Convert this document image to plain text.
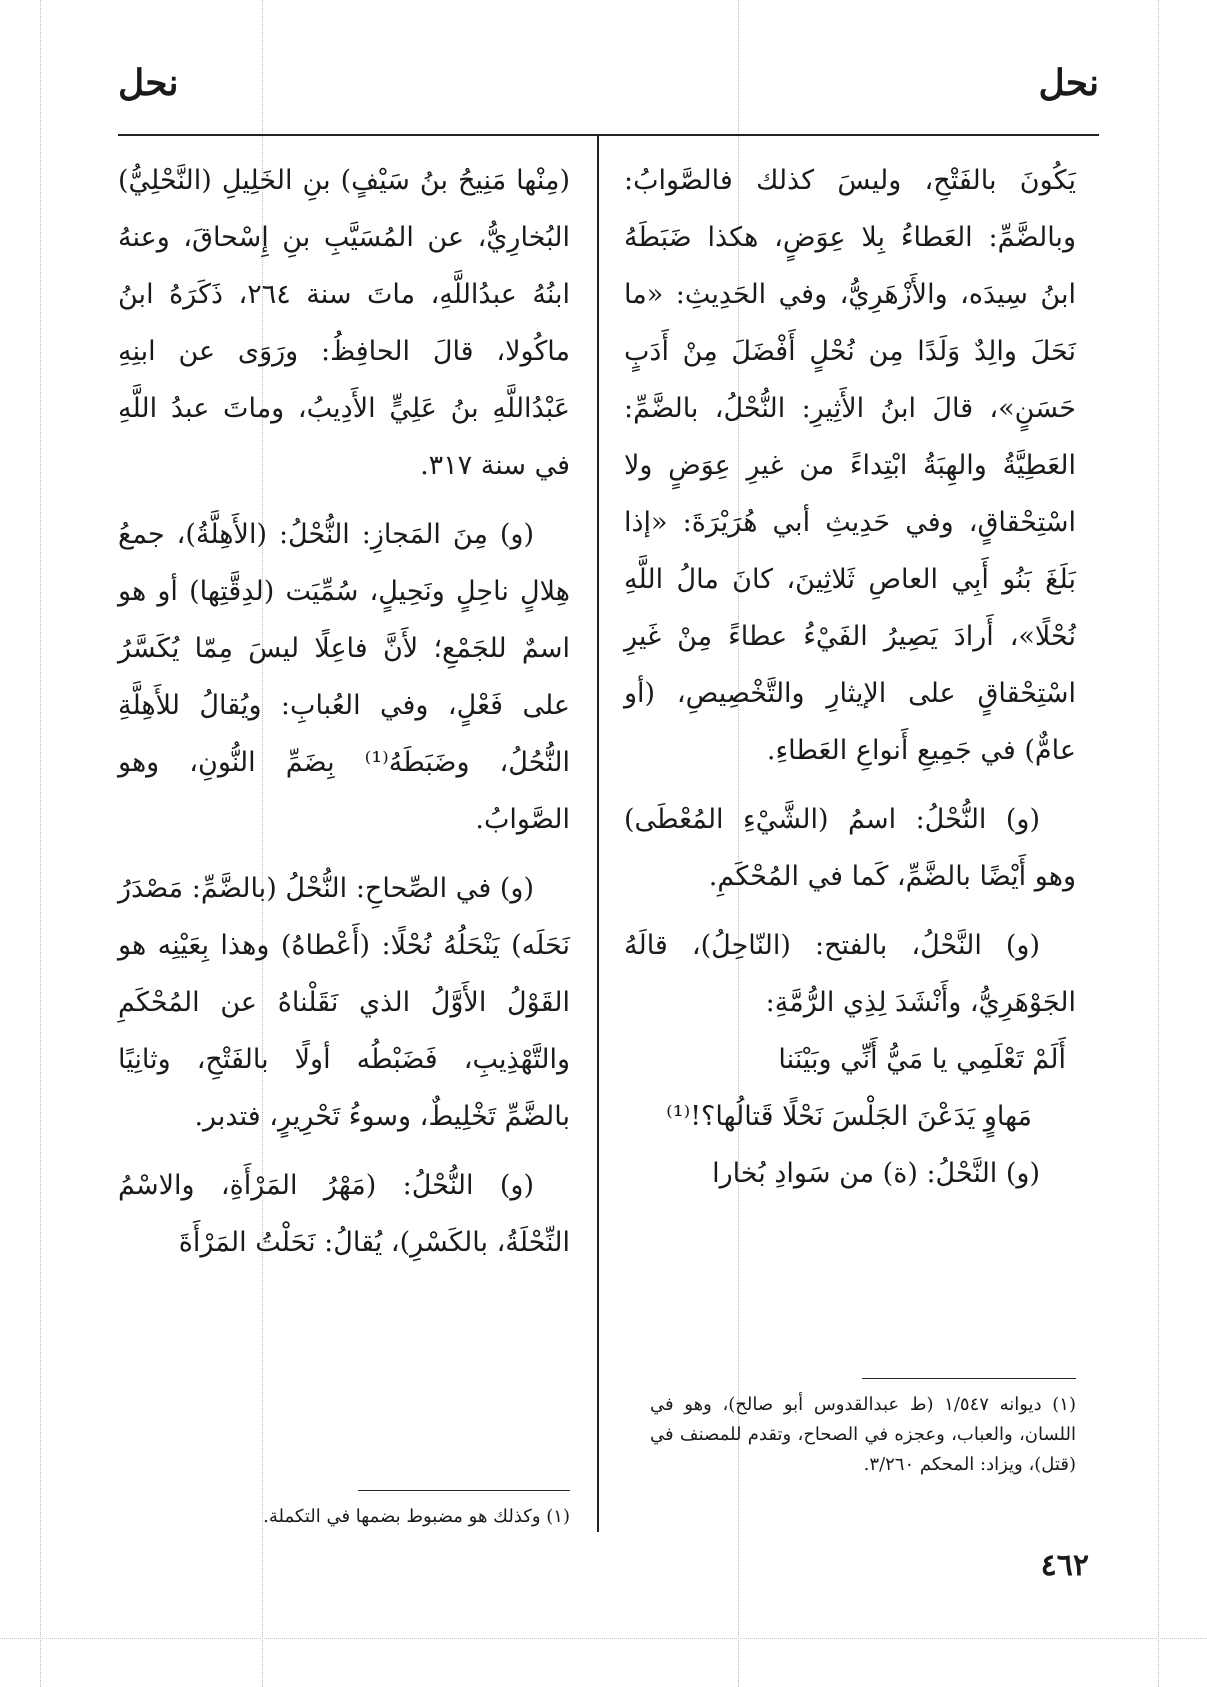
نحل
نحل

يَكُونَ بالفَتْحِ، وليسَ كذلك فالصَّوابُ: وبالضَّمِّ: العَطاءُ بِلا عِوَضٍ، هكذا ضَبَطَهُ ابنُ سِيدَه، والأَزْهَرِيُّ، وفي الحَدِيثِ: «ما نَحَلَ والِدٌ وَلَدًا مِن نُحْلٍ أَفْضَلَ مِنْ أَدَبٍ حَسَنٍ»، قالَ ابنُ الأَثِيرِ: النُّحْلُ، بالضَّمِّ: العَطِيَّةُ والهِبَةُ ابْتِداءً من غيرِ عِوَضٍ ولا اسْتِحْقاقٍ، وفي حَدِيثِ أبي هُرَيْرَةَ: «إذا بَلَغَ بَنُو أَبِي العاصِ ثَلاثِينَ، كانَ مالُ اللَّهِ نُحْلًا»، أَرادَ يَصِيرُ الفَيْءُ عطاءً مِنْ غَيرِ اسْتِحْقاقٍ على الإيثارِ والتَّخْصِيصِ، (أو عامٌّ) في جَمِيعِ أَنواعِ العَطاءِ.

(و) النُّحْلُ: اسمُ (الشَّيْءِ المُعْطَى) وهو أَيْضًا بالضَّمِّ، كَما في المُحْكَمِ.

(و) النَّحْلُ، بالفتح: (النّاحِلُ)، قالَهُ الجَوْهَرِيُّ، وأَنْشَدَ لِذِي الرُّمَّةِ:

أَلَمْ تَعْلَمِي يا مَيُّ أَنِّي وبَيْنَنا
مَهاوٍ يَدَعْنَ الجَلْسَ نَحْلًا قَتالُها؟!⁽¹⁾

(و) النَّحْلُ: (ة) من سَوادِ بُخارا

(١) ديوانه ١/٥٤٧ (ط عبدالقدوس أبو صالح)، وهو في اللسان، والعباب، وعجزه في الصحاح، وتقدم للمصنف في (قتل)، ويزاد: المحكم ٣/٢٦٠.

(مِنْها مَنِيحُ بنُ سَيْفٍ) بنِ الخَلِيلِ (النَّحْلِيُّ) البُخارِيُّ، عن المُسَيَّبِ بنِ إِسْحاقَ، وعنهُ ابنُهُ عبدُاللَّهِ، ماتَ سنة ٢٦٤، ذَكَرَهُ ابنُ ماكُولا، قالَ الحافِظُ: ورَوَى عن ابنِهِ عَبْدُاللَّهِ بنُ عَلِيٍّ الأَدِيبُ، وماتَ عبدُ اللَّهِ في سنة ٣١٧.

(و) مِنَ المَجازِ: النُّحْلُ: (الأَهِلَّةُ)، جمعُ هِلالٍ ناحِلٍ ونَحِيلٍ، سُمِّيَت (لدِقَّتِها) أو هو اسمٌ للجَمْعِ؛ لأَنَّ فاعِلًا ليسَ مِمّا يُكَسَّرُ على فَعْلٍ، وفي العُبابِ: ويُقالُ للأَهِلَّةِ النُّحُلُ، وضَبَطَهُ⁽¹⁾ بِضَمِّ النُّونِ، وهو الصَّوابُ.

(و) في الصِّحاحِ: النُّحْلُ (بالضَّمِّ: مَصْدَرُ نَحَلَه) يَنْحَلُهُ نُحْلًا: (أَعْطاهُ) وهذا بِعَيْنِه هو القَوْلُ الأَوَّلُ الذي نَقَلْناهُ عن المُحْكَمِ والتَّهْذِيبِ، فَضَبْطُه أولًا بالفَتْحِ، وثانِيًا بالضَّمِّ تَخْلِيطٌ، وسوءُ تَحْرِيرٍ، فتدبر.

(و) النُّحْلُ: (مَهْرُ المَرْأَةِ، والاسْمُ النِّحْلَةُ، بالكَسْرِ)، يُقالُ: نَحَلْتُ المَرْأَةَ

(١) وكذلك هو مضبوط بضمها في التكملة.
٤٦٢
